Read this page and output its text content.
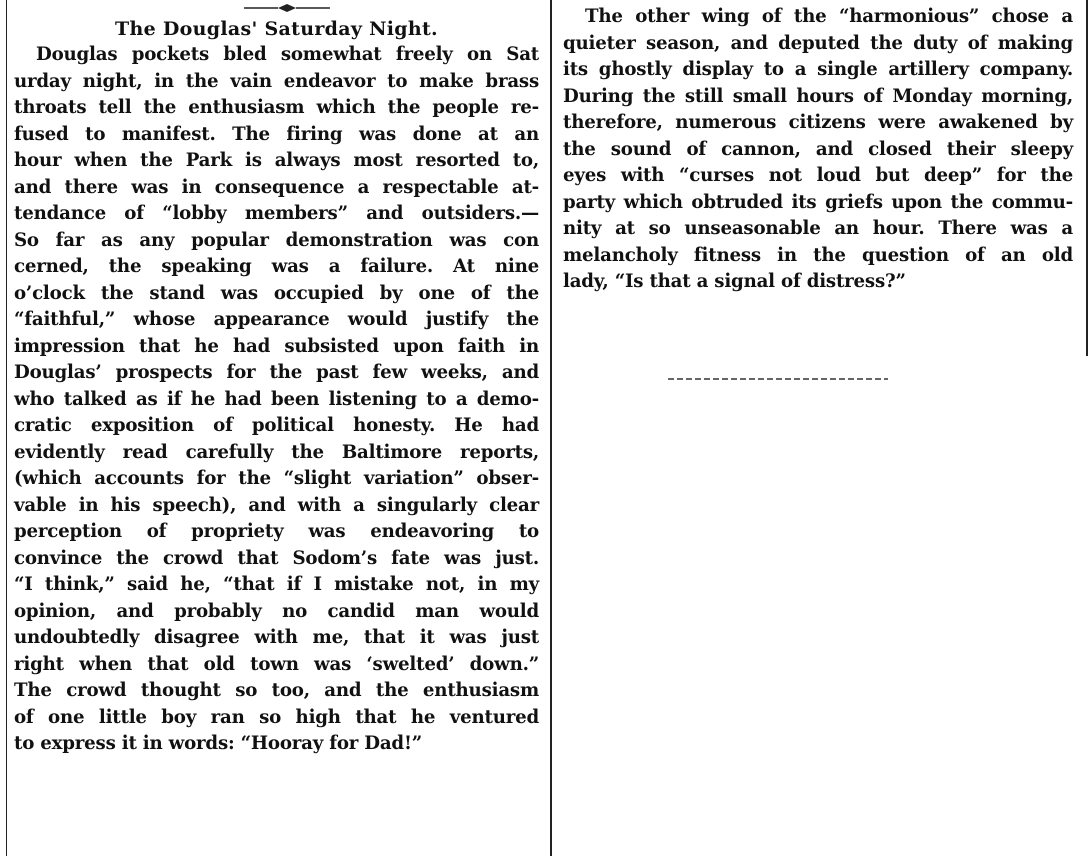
The Douglas' Saturday Night.
Douglas pockets bled somewhat freely on Sat
urday night, in the vain endeavor to make brass
throats tell the enthusiasm which the people re-
fused to manifest. The firing was done at an
hour when the Park is always most resorted to,
and there was in consequence a respectable at-
tendance of “lobby members” and outsiders.—
So far as any popular demonstration was con
cerned, the speaking was a failure. At nine
o’clock the stand was occupied by one of the
“faithful,” whose appearance would justify the
impression that he had subsisted upon faith in
Douglas’ prospects for the past few weeks, and
who talked as if he had been listening to a demo-
cratic exposition of political honesty. He had
evidently read carefully the Baltimore reports,
(which accounts for the “slight variation” obser-
vable in his speech), and with a singularly clear
perception of propriety was endeavoring to
convince the crowd that Sodom’s fate was just.
“I think,” said he, “that if I mistake not, in my
opinion, and probably no candid man would
undoubtedly disagree with me, that it was just
right when that old town was ‘swelted’ down.”
The crowd thought so too, and the enthusiasm
of one little boy ran so high that he ventured
to express it in words: “Hooray for Dad!”
The other wing of the “harmonious” chose a
quieter season, and deputed the duty of making
its ghostly display to a single artillery company.
During the still small hours of Monday morning,
therefore, numerous citizens were awakened by
the sound of cannon, and closed their sleepy
eyes with “curses not loud but deep” for the
party which obtruded its griefs upon the commu-
nity at so unseasonable an hour. There was a
melancholy fitness in the question of an old
lady, “Is that a signal of distress?”
